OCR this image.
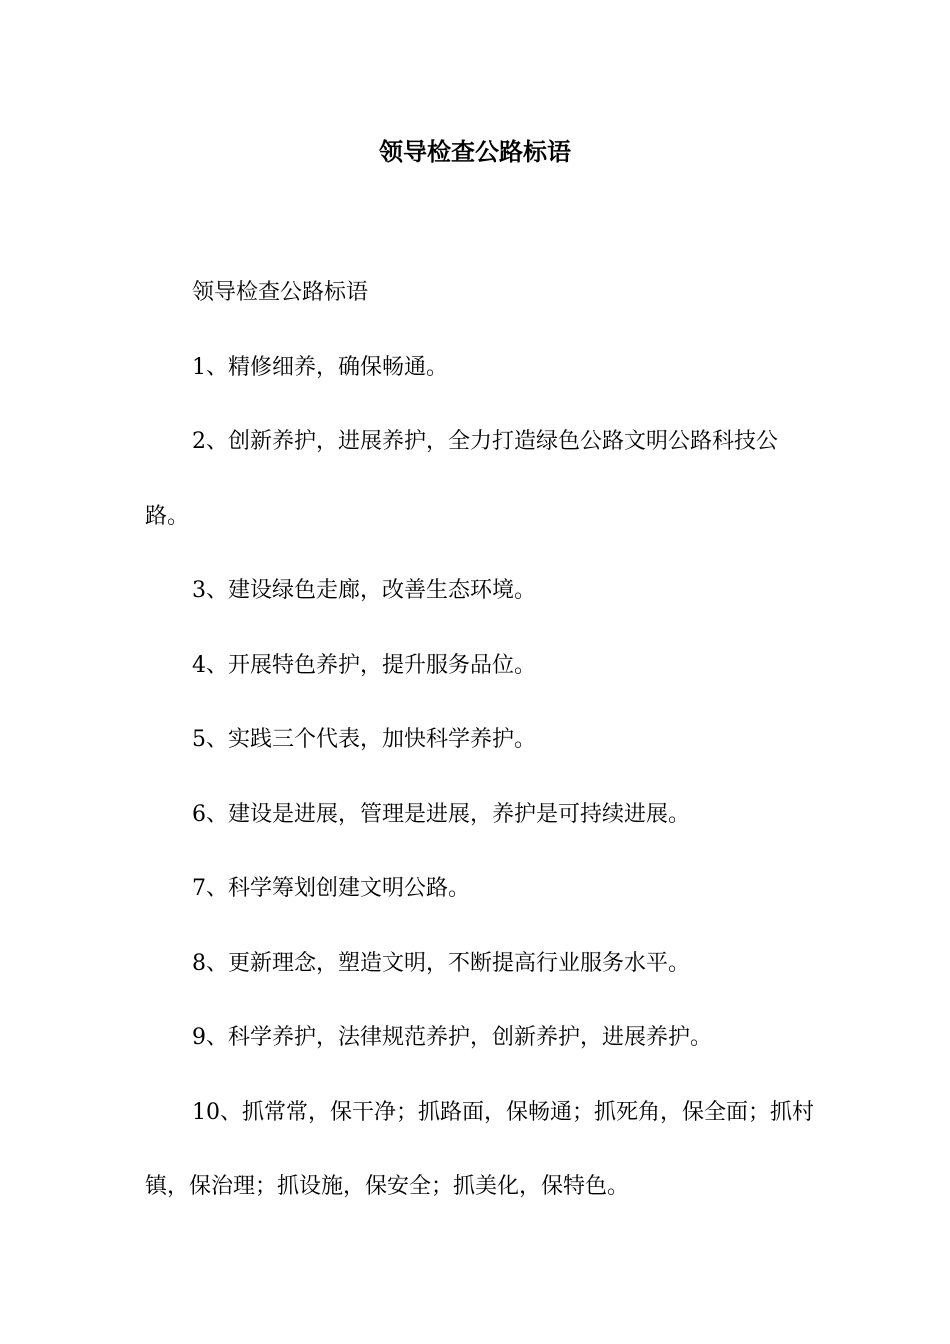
领导检查公路标语

领导检查公路标语

1、精修细养，确保畅通。

2、创新养护，进展养护，全力打造绿色公路文明公路科技公路。

3、建设绿色走廊，改善生态环境。

4、开展特色养护，提升服务品位。

5、实践三个代表，加快科学养护。

6、建设是进展，管理是进展，养护是可持续进展。

7、科学筹划创建文明公路。

8、更新理念，塑造文明，不断提高行业服务水平。

9、科学养护，法律规范养护，创新养护，进展养护。

10、抓常常，保干净；抓路面，保畅通；抓死角，保全面；抓村镇，保治理；抓设施，保安全；抓美化，保特色。
